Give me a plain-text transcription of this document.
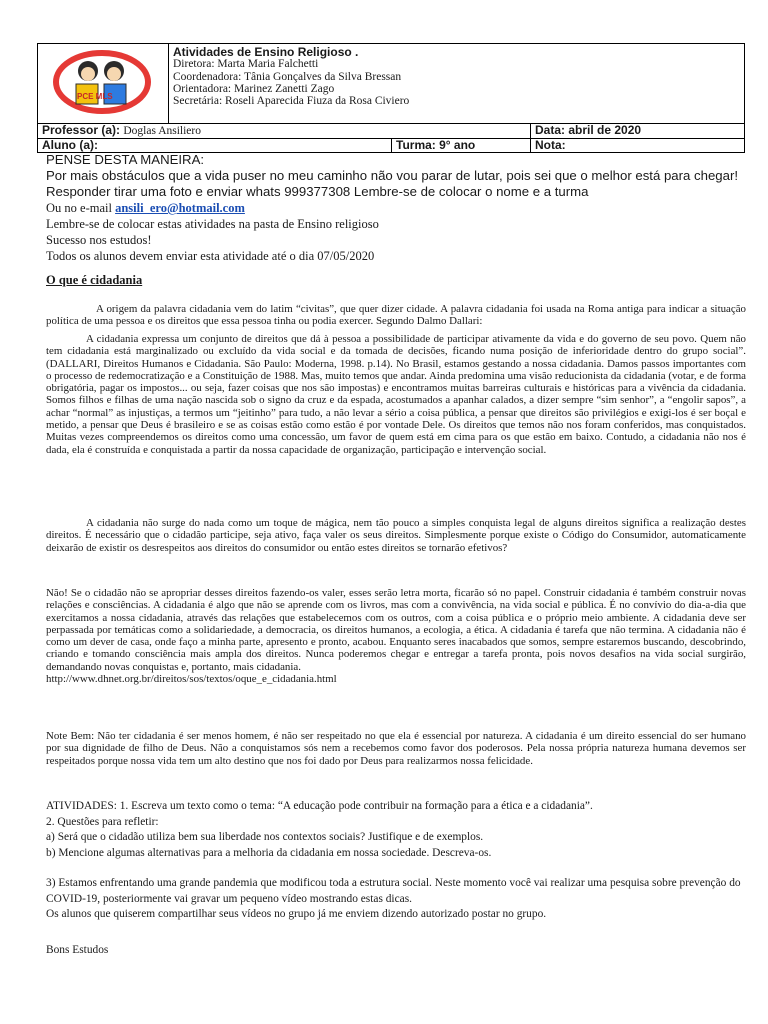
PCE MLS	Atividades de Ensino Religioso .
Diretora: Marta Maria Falchetti
Coordenadora: Tânia Gonçalves da Silva Bressan
Orientadora: Marinez Zanetti Zago
Secretária: Roseli Aparecida Fiuza da Rosa Civiero		

Professor (a): Doglas Ansiliero			Data: abril de 2020
Aluno (a):		Turma: 9° ano	Nota:
PENSE DESTA MANEIRA:
Por mais obstáculos que a vida puser no meu caminho não vou parar de lutar, pois sei que o melhor está para chegar!
Responder tirar uma foto e enviar whats 999377308 Lembre-se de colocar o nome e a turma
Ou no e-mail ansili_ero@hotmail.com
Lembre-se de colocar estas atividades na pasta de Ensino religioso
Sucesso nos estudos!
Todos os alunos devem enviar esta atividade até o dia 07/05/2020
O que é cidadania

A origem da palavra cidadania vem do latim “civitas”, que quer dizer cidade. A palavra cidadania foi usada na Roma antiga para indicar a situação política de uma pessoa e os direitos que essa pessoa tinha ou podia exercer. Segundo Dalmo Dallari:

A cidadania expressa um conjunto de direitos que dá à pessoa a possibilidade de participar ativamente da vida e do governo de seu povo. Quem não tem cidadania está marginalizado ou excluído da vida social e da tomada de decisões, ficando numa posição de inferioridade dentro do grupo social”. (DALLARI, Direitos Humanos e Cidadania. São Paulo: Moderna, 1998. p.14). No Brasil, estamos gestando a nossa cidadania. Damos passos importantes com o processo de redemocratização e a Constituição de 1988. Mas, muito temos que andar. Ainda predomina uma visão reducionista da cidadania (votar, e de forma obrigatória, pagar os impostos... ou seja, fazer coisas que nos são impostas) e encontramos muitas barreiras culturais e históricas para a vivência da cidadania. Somos filhos e filhas de uma nação nascida sob o signo da cruz e da espada, acostumados a apanhar calados, a dizer sempre “sim senhor”, a “engolir sapos”, a achar “normal” as injustiças, a termos um “jeitinho” para tudo, a não levar a sério a coisa pública, a pensar que direitos são privilégios e exigi-los é ser boçal e metido, a pensar que Deus é brasileiro e se as coisas estão como estão é por vontade Dele. Os direitos que temos não nos foram conferidos, mas conquistados. Muitas vezes compreendemos os direitos como uma concessão, um favor de quem está em cima para os que estão em baixo. Contudo, a cidadania não nos é dada, ela é construída e conquistada a partir da nossa capacidade de organização, participação e intervenção social.

A cidadania não surge do nada como um toque de mágica, nem tão pouco a simples conquista legal de alguns direitos significa a realização destes direitos. É necessário que o cidadão participe, seja ativo, faça valer os seus direitos. Simplesmente porque existe o Código do Consumidor, automaticamente deixarão de existir os desrespeitos aos direitos do consumidor ou então estes direitos se tornarão efetivos?

Não! Se o cidadão não se apropriar desses direitos fazendo-os valer, esses serão letra morta, ficarão só no papel. Construir cidadania é também construir novas relações e consciências. A cidadania é algo que não se aprende com os livros, mas com a convivência, na vida social e pública. É no convívio do dia-a-dia que exercitamos a nossa cidadania, através das relações que estabelecemos com os outros, com a coisa pública e o próprio meio ambiente. A cidadania deve ser perpassada por temáticas como a solidariedade, a democracia, os direitos humanos, a ecologia, a ética. A cidadania é tarefa que não termina. A cidadania não é como um dever de casa, onde faço a minha parte, apresento e pronto, acabou. Enquanto seres inacabados que somos, sempre estaremos buscando, descobrindo, criando e tomando consciência mais ampla dos direitos. Nunca poderemos chegar e entregar a tarefa pronta, pois novos desafios na vida social surgirão, demandando novas conquistas e, portanto, mais cidadania.

http://www.dhnet.org.br/direitos/sos/textos/oque_e_cidadania.html

Note Bem: Não ter cidadania é ser menos homem, é não ser respeitado no que ela é essencial por natureza. A cidadania é um direito essencial do ser humano por sua dignidade de filho de Deus. Não a conquistamos sós nem a recebemos como favor dos poderosos. Pela nossa própria natureza humana devemos ser respeitados porque nossa vida tem um alto destino que nos foi dado por Deus para realizarmos nossa felicidade.

ATIVIDADES: 1. Escreva um texto como o tema: “A educação pode contribuir na formação para a ética e a cidadania”.
2. Questões para refletir:
a) Será que o cidadão utiliza bem sua liberdade nos contextos sociais? Justifique e de exemplos.
b) Mencione algumas alternativas para a melhoria da cidadania em nossa sociedade. Descreva-os.
3) Estamos enfrentando uma grande pandemia que modificou toda a estrutura social. Neste momento você vai realizar uma pesquisa sobre prevenção do COVID-19, posteriormente vai gravar um pequeno vídeo mostrando estas dicas.
Os alunos que quiserem compartilhar seus vídeos no grupo já me enviem dizendo autorizado postar no grupo.
Bons Estudos
